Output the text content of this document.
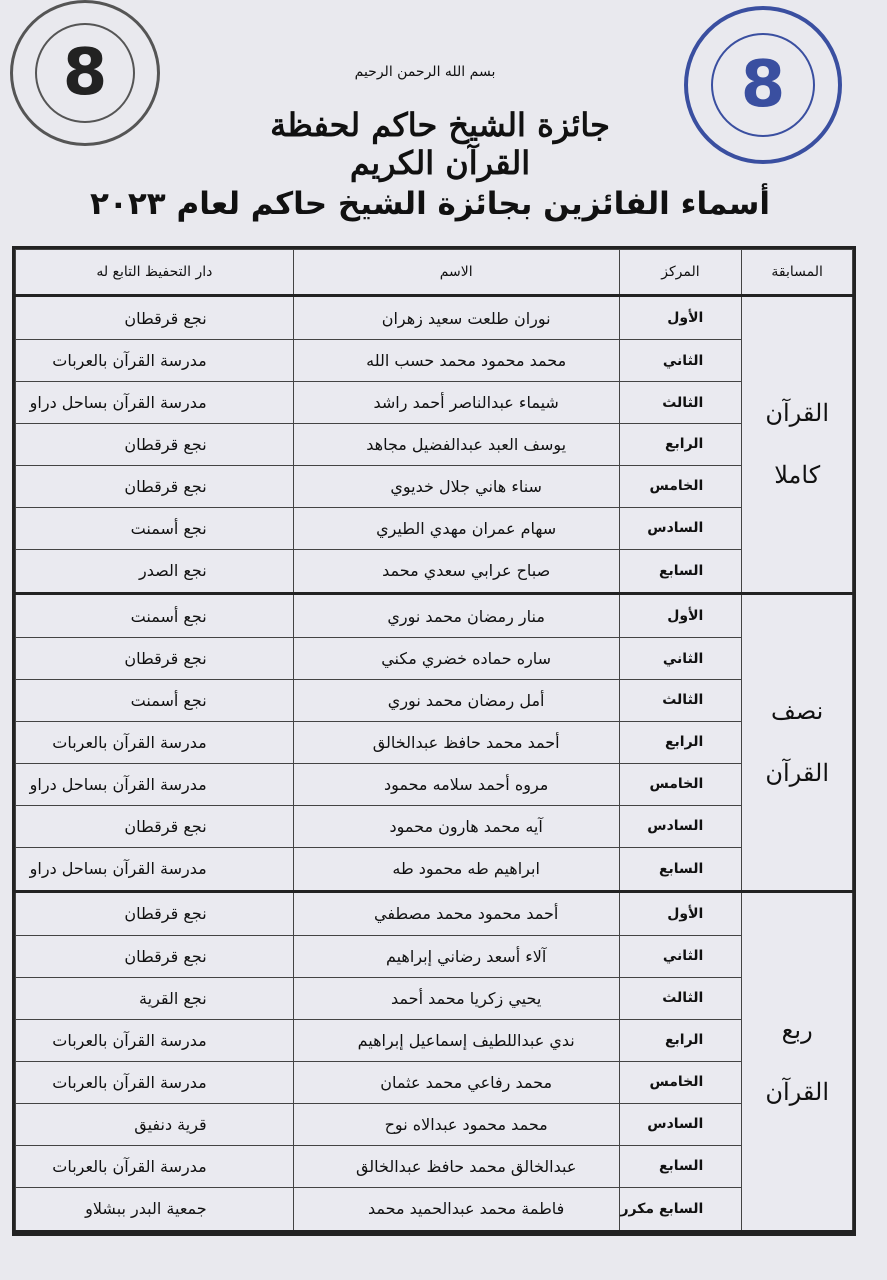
8	8
بسم الله الرحمن الرحيم
جائزة الشيخ حاكم لحفظة القرآن الكريم
أسماء الفائزين بجائزة الشيخ حاكم لعام ٢٠٢٣
المسابقة	المركز	الاسم	دار التحفيظ التابع له
القرآن
كاملا	الأول	نوران طلعت سعيد زهران	نجع قرقطان
	الثاني	محمد محمود محمد حسب الله	مدرسة القرآن بالعربات
	الثالث	شيماء عبدالناصر أحمد راشد	مدرسة القرآن بساحل دراو
	الرابع	يوسف العبد عبدالفضيل مجاهد	نجع قرقطان
	الخامس	سناء هاني جلال خديوي	نجع قرقطان
	السادس	سهام عمران مهدي الطيري	نجع أسمنت
	السابع	صباح عرابي سعدي محمد	نجع الصدر
نصف
القرآن	الأول	منار رمضان محمد نوري	نجع أسمنت
	الثاني	ساره حماده خضري مكني	نجع قرقطان
	الثالث	أمل رمضان محمد نوري	نجع أسمنت
	الرابع	أحمد محمد حافظ عبدالخالق	مدرسة القرآن بالعربات
	الخامس	مروه أحمد سلامه محمود	مدرسة القرآن بساحل دراو
	السادس	آيه محمد هارون محمود	نجع قرقطان
	السابع	ابراهيم طه محمود طه	مدرسة القرآن بساحل دراو
ربع
القرآن	الأول	أحمد محمود محمد مصطفي	نجع قرقطان
	الثاني	آلاء أسعد رضاني إبراهيم	نجع قرقطان
	الثالث	يحيي زكريا محمد أحمد	نجع القرية
	الرابع	ندي عبداللطيف إسماعيل إبراهيم	مدرسة القرآن بالعربات
	الخامس	محمد رفاعي محمد عثمان	مدرسة القرآن بالعربات
	السادس	محمد محمود عبدالاه نوح	قرية دنفيق
	السابع	عبدالخالق محمد حافظ عبدالخالق	مدرسة القرآن بالعربات
	السابع مكرر	فاطمة محمد عبدالحميد محمد	جمعية البدر ببشلاو
